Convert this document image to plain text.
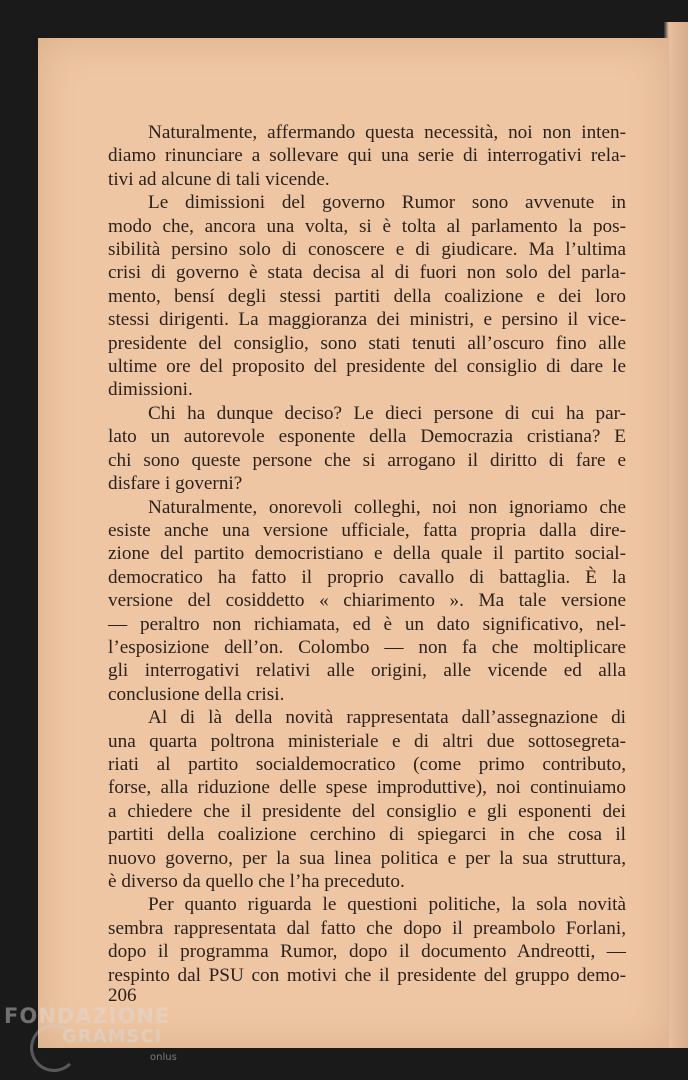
Naturalmente, affermando questa necessità, noi non inten-
diamo rinunciare a sollevare qui una serie di interrogativi rela-
tivi ad alcune di tali vicende.
Le dimissioni del governo Rumor sono avvenute in
modo che, ancora una volta, si è tolta al parlamento la pos-
sibilità persino solo di conoscere e di giudicare. Ma l’ultima
crisi di governo è stata decisa al di fuori non solo del parla-
mento, bensí degli stessi partiti della coalizione e dei loro
stessi dirigenti. La maggioranza dei ministri, e persino il vice-
presidente del consiglio, sono stati tenuti all’oscuro fino alle
ultime ore del proposito del presidente del consiglio di dare le
dimissioni.
Chi ha dunque deciso? Le dieci persone di cui ha par-
lato un autorevole esponente della Democrazia cristiana? E
chi sono queste persone che si arrogano il diritto di fare e
disfare i governi?
Naturalmente, onorevoli colleghi, noi non ignoriamo che
esiste anche una versione ufficiale, fatta propria dalla dire-
zione del partito democristiano e della quale il partito social-
democratico ha fatto il proprio cavallo di battaglia. È la
versione del cosiddetto « chiarimento ». Ma tale versione
— peraltro non richiamata, ed è un dato significativo, nel-
l’esposizione dell’on. Colombo — non fa che moltiplicare
gli interrogativi relativi alle origini, alle vicende ed alla
conclusione della crisi.
Al di là della novità rappresentata dall’assegnazione di
una quarta poltrona ministeriale e di altri due sottosegreta-
riati al partito socialdemocratico (come primo contributo,
forse, alla riduzione delle spese improduttive), noi continuiamo
a chiedere che il presidente del consiglio e gli esponenti dei
partiti della coalizione cerchino di spiegarci in che cosa il
nuovo governo, per la sua linea politica e per la sua struttura,
è diverso da quello che l’ha preceduto.
Per quanto riguarda le questioni politiche, la sola novità
sembra rappresentata dal fatto che dopo il preambolo Forlani,
dopo il programma Rumor, dopo il documento Andreotti, —
respinto dal PSU con motivi che il presidente del gruppo demo-
206
FONDAZIONE
GRAMSCI
onlus
